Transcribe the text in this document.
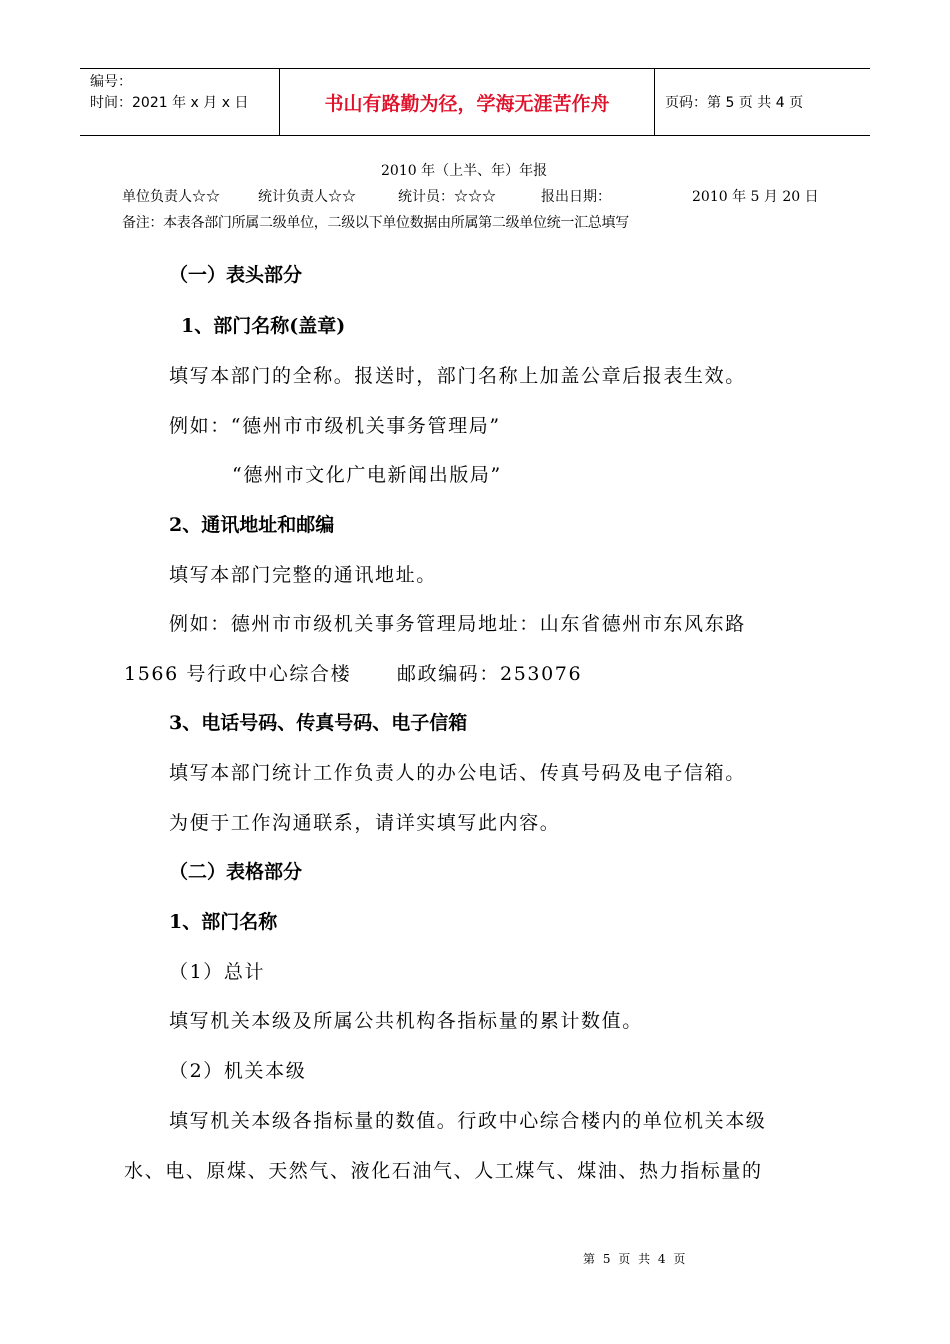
编号：
时间：2021 年 x 月 x 日	书山有路勤为径，学海无涯苦作舟	页码：第 5 页 共 4 页
2010 年（上半、年）年报
单位负责人☆☆	统计负责人☆☆	统计员：☆☆☆	报出日期：	2010 年 5 月 20 日
备注：本表各部门所属二级单位，二级以下单位数据由所属第二级单位统一汇总填写
（一）表头部分
1、部门名称(盖章)
填写本部门的全称。报送时，部门名称上加盖公章后报表生效。
例如：“德州市市级机关事务管理局”
“德州市文化广电新闻出版局”
2、通讯地址和邮编
填写本部门完整的通讯地址。
例如：德州市市级机关事务管理局地址：山东省德州市东风东路
1566 号行政中心综合楼 邮政编码：253076
3、电话号码、传真号码、电子信箱
填写本部门统计工作负责人的办公电话、传真号码及电子信箱。
为便于工作沟通联系，请详实填写此内容。
（二）表格部分
1、部门名称
（1）总计
填写机关本级及所属公共机构各指标量的累计数值。
（2）机关本级
填写机关本级各指标量的数值。行政中心综合楼内的单位机关本级
水、电、原煤、天然气、液化石油气、人工煤气、煤油、热力指标量的
第 5 页 共 4 页
